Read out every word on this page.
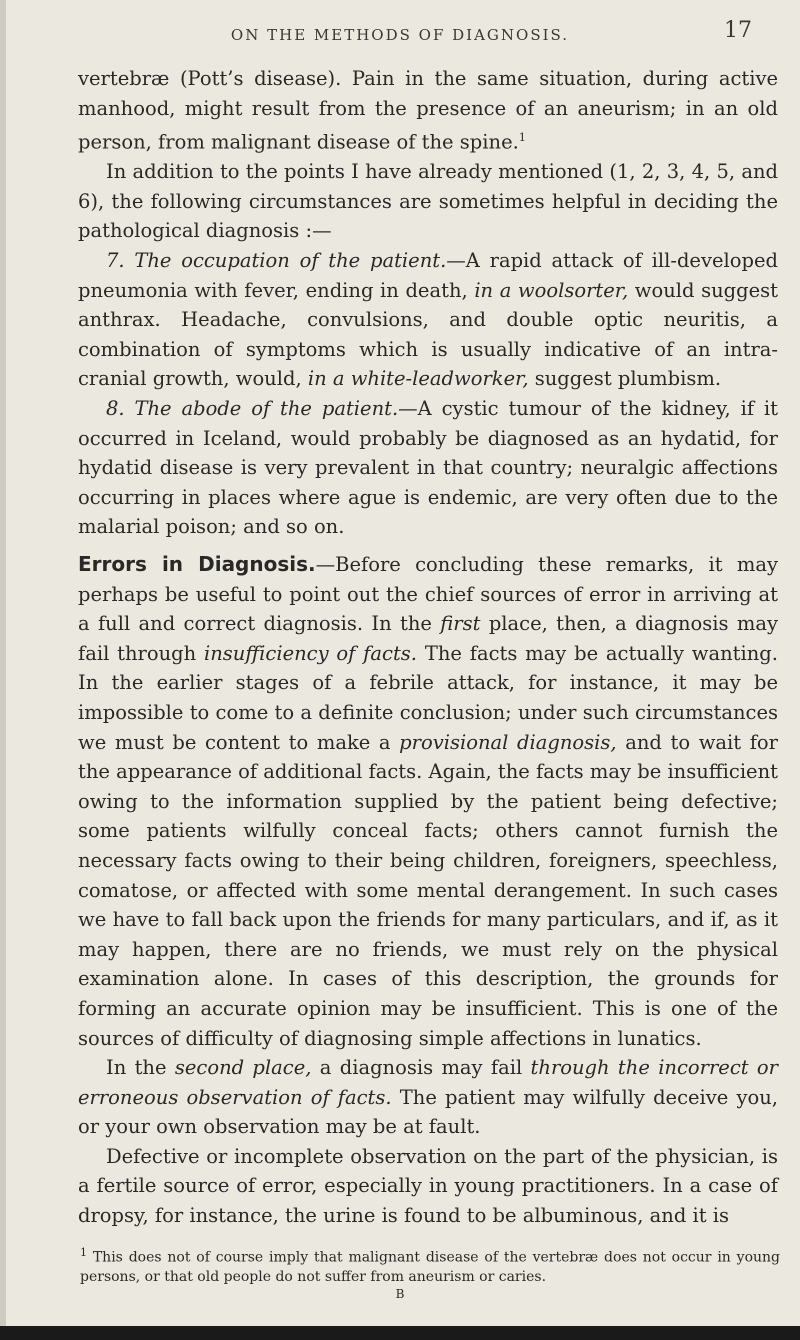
ON THE METHODS OF DIAGNOSIS.	17

vertebræ (Pott’s disease). Pain in the same situation, during active manhood, might result from the presence of an aneurism; in an old person, from malignant disease of the spine.$^1$

In addition to the points I have already mentioned (1, 2, 3, 4, 5, and 6), the following circumstances are sometimes helpful in deciding the pathological diagnosis :—

7. The occupation of the patient.—A rapid attack of ill-developed pneumonia with fever, ending in death, in a woolsorter, would suggest anthrax. Headache, convulsions, and double optic neuritis, a combination of symptoms which is usually indicative of an intra-cranial growth, would, in a white-leadworker, suggest plumbism.

8. The abode of the patient.—A cystic tumour of the kidney, if it occurred in Iceland, would probably be diagnosed as an hydatid, for hydatid disease is very prevalent in that country; neuralgic affections occurring in places where ague is endemic, are very often due to the malarial poison; and so on.

Errors in Diagnosis.—Before concluding these remarks, it may perhaps be useful to point out the chief sources of error in arriving at a full and correct diagnosis. In the first place, then, a diagnosis may fail through insufficiency of facts. The facts may be actually wanting. In the earlier stages of a febrile attack, for instance, it may be impossible to come to a definite conclusion; under such circumstances we must be content to make a provisional diagnosis, and to wait for the appearance of additional facts. Again, the facts may be insufficient owing to the information supplied by the patient being defective; some patients wilfully conceal facts; others cannot furnish the necessary facts owing to their being children, foreigners, speechless, comatose, or affected with some mental derangement. In such cases we have to fall back upon the friends for many particulars, and if, as it may happen, there are no friends, we must rely on the physical examination alone. In cases of this description, the grounds for forming an accurate opinion may be insufficient. This is one of the sources of difficulty of diagnosing simple affections in lunatics.

In the second place, a diagnosis may fail through the incorrect or erroneous observation of facts. The patient may wilfully deceive you, or your own observation may be at fault.

Defective or incomplete observation on the part of the physician, is a fertile source of error, especially in young practitioners. In a case of dropsy, for instance, the urine is found to be albuminous, and it is

$^1$ This does not of course imply that malignant disease of the vertebræ does not occur in young persons, or that old people do not suffer from aneurism or caries.
B
